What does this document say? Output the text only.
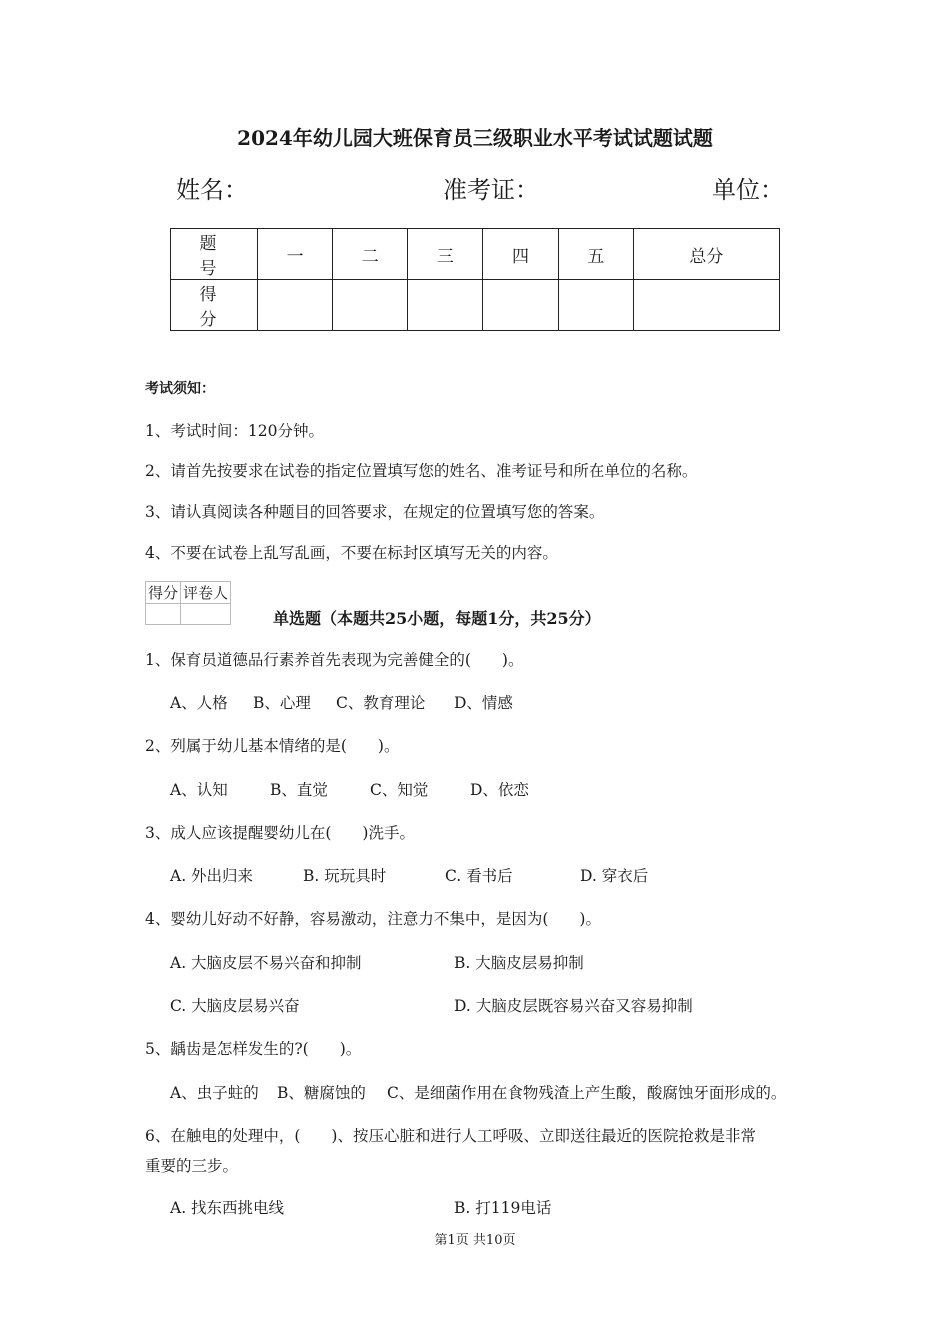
2024年幼儿园大班保育员三级职业水平考试试题试题
姓名：	准考证：	单位：
题　号	一	二	三	四	五	总分
得　分						
考试须知：
1、考试时间：120分钟。
2、请首先按要求在试卷的指定位置填写您的姓名、准考证号和所在单位的名称。
3、请认真阅读各种题目的回答要求，在规定的位置填写您的答案。
4、不要在试卷上乱写乱画，不要在标封区填写无关的内容。
得分	评卷人

单选题（本题共25小题，每题1分，共25分）
1、保育员道德品行素养首先表现为完善健全的(　　)。
A、人格 B、心理 C、教育理论 D、情感
2、列属于幼儿基本情绪的是(　　)。
A、认知	B、直觉	C、知觉	D、依恋
3、成人应该提醒婴幼儿在(　　)洗手。
A. 外出归来	B. 玩玩具时	C. 看书后	D. 穿衣后
4、婴幼儿好动不好静，容易激动，注意力不集中，是因为(　　)。
A. 大脑皮层不易兴奋和抑制	B. 大脑皮层易抑制
C. 大脑皮层易兴奋	D. 大脑皮层既容易兴奋又容易抑制
5、龋齿是怎样发生的?(　　)。
A、虫子蛀的 B、糖腐蚀的 C、是细菌作用在食物残渣上产生酸，酸腐蚀牙面形成的。
6、在触电的处理中，(　　)、按压心脏和进行人工呼吸、立即送往最近的医院抢救是非常
重要的三步。
A. 找东西挑电线	B. 打119电话
第1页 共10页
